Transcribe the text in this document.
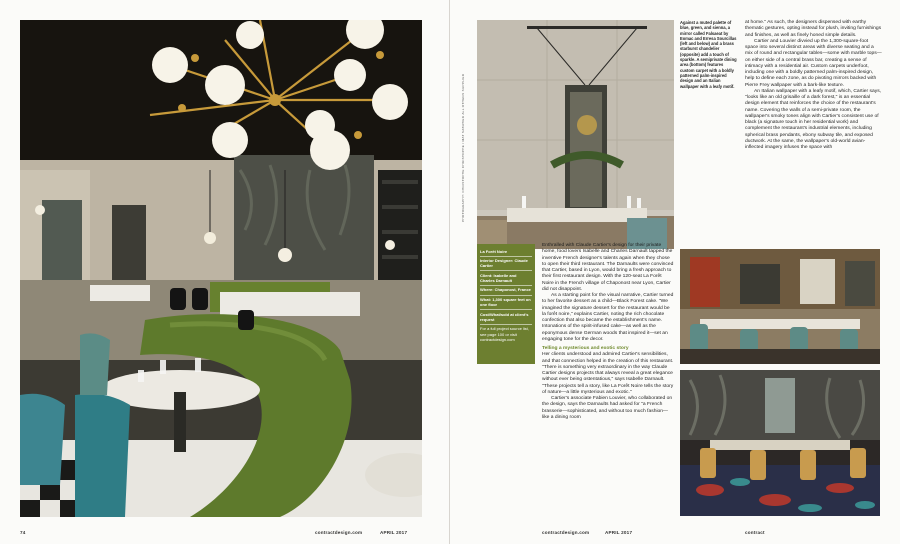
74	contractdesign.com	APRIL 2017
PHOTOGRAPHY: CHRISTOPHE CHRISTOPHE / MAT SABATIER ALL OTHERS SUPPLIED
Against a muted palette of blue, green, and sienna, a mirror called Falsaeat by Eomac and Erresa Sourcillas (left and below) and a brass starburst chandelier (opposite) add a touch of sparkle. A semiprivate dining area (bottom) features custom carpet with a boldly patterned palm-inspired design and an Italian wallpaper with a leafy motif.
La Forêt Noire
Interior Designer: Claude Cartier
Client: Isabelle and Charles Darnault
Where: Chaponost, France
What: 1,300 square feet on one floor
Cost/What/sold at client's request
For a full project source list, see page 100 or visit contractdesign.com

Enthralled with Claude Cartier's design for their private home, food lovers Isabelle and Charles Darnault tapped the inventive French designer's talents again when they chose to open their third restaurant. The Darnaults were convinced that Cartier, based in Lyon, would bring a fresh approach to their first restaurant design. With the 120-seat La Forêt Noire in the French village of Chaponost near Lyon, Cartier did not disappoint.

As a starting point for the visual narrative, Cartier turned to her favorite dessert as a child—Black Forest cake. "We imagined the signature dessert for the restaurant would be la forêt noire," explains Cartier, noting the rich chocolate confection that also became the establishment's name. Intonations of the spirit-infused cake—as well as the eponymous dense German woods that inspired it—set an engaging tone for the decor.

Telling a mysterious and exotic story

Her clients understood and admired Cartier's sensibilities, and that connection helped in the creation of this restaurant. "There is something very extraordinary in the way Claude Cartier designs projects that always reveal a great elegance without ever being ostentatious," says Isabelle Darnault. "These projects tell a story, like La Forêt Noire tells the story of nature—a little mysterious and exotic."

Cartier's associate Fabien Louvier, who collaborated on the design, says the Darnaults had asked for "a French brasserie—sophisticated, and without too much fashion—like a dining room

at home." As such, the designers dispensed with earthy thematic gestures, opting instead for plush, inviting furnishings and finishes, as well as finely honed simple details.

Cartier and Louvier divvied up the 1,300-square-foot space into several distinct areas with diverse seating and a mix of round and rectangular tables—some with marble tops—on either side of a central brass bar, creating a sense of intimacy with a residential air. Custom carpets underfoot, including one with a boldly patterned palm-inspired design, help to define each zone, as do pivoting mirrors backed with Pierre Frey wallpaper with a bark-like texture.

An Italian wallpaper with a leafy motif, which, Cartier says, "looks like an old grisaille of a dark forest," is an essential design element that reinforces the choice of the restaurant's name. Covering the walls of a semi-private room, the wallpaper's smoky tones align with Cartier's consistent use of black (a signature touch in her residential work) and complement the restaurant's industrial elements, including spherical brass pendants, ebony subway tile, and exposed ductwork. At the same, the wallpaper's old-world avian-inflected imagery infuses the space with

contractdesign.com	APRIL 2017	contract
